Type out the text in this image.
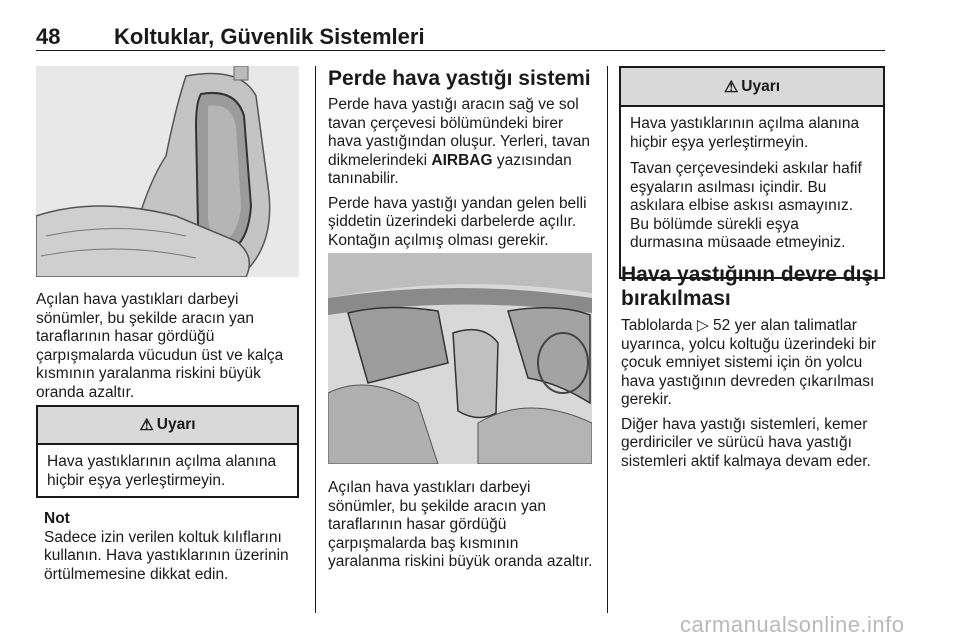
48 Koltuklar, Güvenlik Sistemleri

Açılan hava yastıkları darbeyi sönümler, bu şekilde aracın yan taraflarının hasar gördüğü çarpışmalarda vücudun üst ve kalça kısmının yaralanma riskini büyük oranda azaltır.

⚠ Uyarı

Hava yastıklarının açılma alanına hiçbir eşya yerleştirmeyin.

Not

Sadece izin verilen koltuk kılıflarını kullanın. Hava yastıklarının üzerinin örtülmemesine dikkat edin.

Perde hava yastığı sistemi

Perde hava yastığı aracın sağ ve sol tavan çerçevesi bölümündeki birer hava yastığından oluşur. Yerleri, tavan dikmelerindeki AIRBAG yazısından tanınabilir.

Perde hava yastığı yandan gelen belli şiddetin üzerindeki darbelerde açılır. Kontağın açılmış olması gerekir.

Açılan hava yastıkları darbeyi sönümler, bu şekilde aracın yan taraflarının hasar gördüğü çarpışmalarda baş kısmının yaralanma riskini büyük oranda azaltır.

⚠ Uyarı

Hava yastıklarının açılma alanına hiçbir eşya yerleştirmeyin.

Tavan çerçevesindeki askılar hafif eşyaların asılması içindir. Bu askılara elbise askısı asmayınız. Bu bölümde sürekli eşya durmasına müsaade etmeyiniz.

Hava yastığının devre dışı bırakılması

Tablolarda ▷ 52 yer alan talimatlar uyarınca, yolcu koltuğu üzerindeki bir çocuk emniyet sistemi için ön yolcu hava yastığının devreden çıkarılması gerekir.

Diğer hava yastığı sistemleri, kemer gerdiriciler ve sürücü hava yastığı sistemleri aktif kalmaya devam eder.

carmanualsonline.info
